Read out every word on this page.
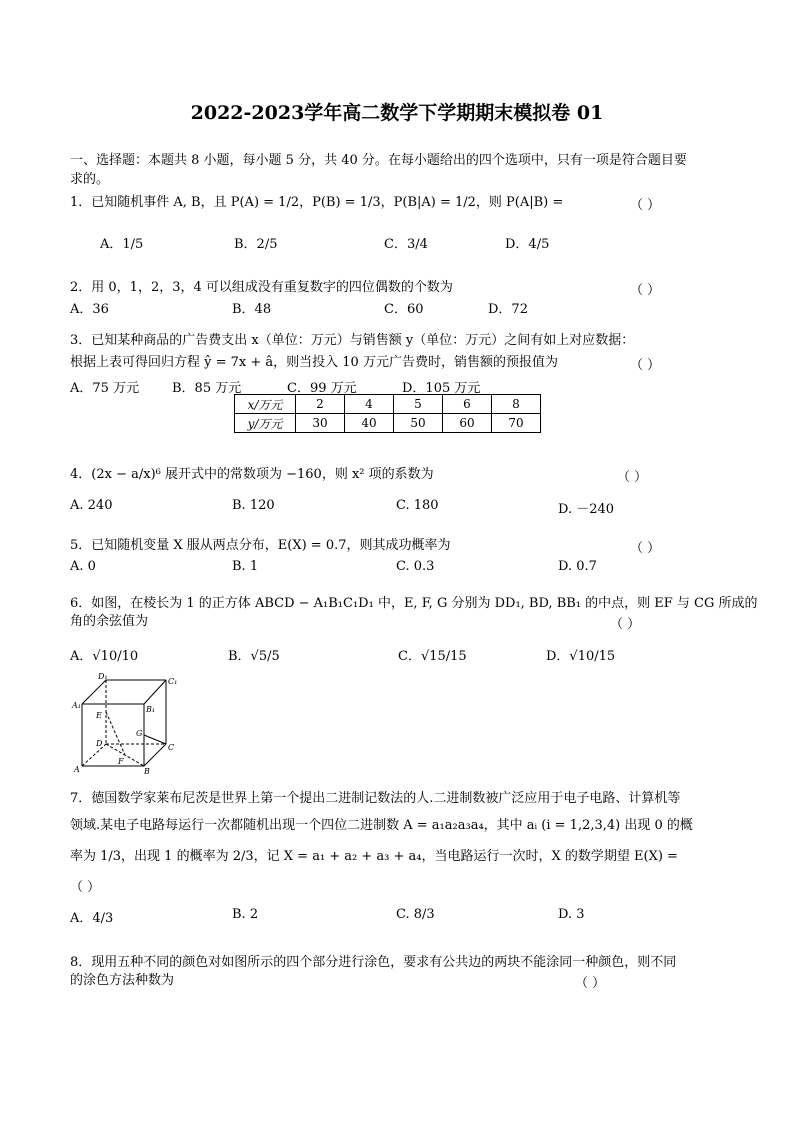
2022-2023学年高二数学下学期期末模拟卷 01
一、选择题：本题共 8 小题，每小题 5 分，共 40 分。在每小题给出的四个选项中，只有一项是符合题目要
求的。
1．已知随机事件 A, B，且 P(A) = 1/2，P(B) = 1/3，P(B|A) = 1/2，则 P(A|B) =	（ ）
A．1/5	B．2/5	C．3/4	D．4/5
2．用 0，1，2，3，4 可以组成没有重复数字的四位偶数的个数为	（ ）
A．36	B．48	C．60	D．72
3．已知某种商品的广告费支出 x（单位：万元）与销售额 y（单位：万元）之间有如上对应数据：
根据上表可得回归方程 ŷ = 7x + â，则当投入 10 万元广告费时，销售额的预报值为	（ ）
A．75 万元	B．85 万元	C．99 万元	D．105 万元
x/万元	2	4	5	6	8
y/万元	30	40	50	60	70
4．(2x − a/x)⁶ 展开式中的常数项为 −160，则 x² 项的系数为	（ ）
A. 240	B. 120	C. 180	D. －240
5．已知随机变量 X 服从两点分布，E(X) = 0.7，则其成功概率为	（ ）
A. 0	B. 1	C. 0.3	D. 0.7
6．如图，在棱长为 1 的正方体 ABCD − A₁B₁C₁D₁ 中，E, F, G 分别为 DD₁, BD, BB₁ 的中点，则 EF 与 CG 所成的
角的余弦值为	（ ）
A．√10/10	B．√5/5	C．√15/15	D．√10/15
D₁
C₁
A₁	B₁
E
G
D	C
F
A	B
7．德国数学家莱布尼茨是世界上第一个提出二进制记数法的人.二进制数被广泛应用于电子电路、计算机等
领域.某电子电路每运行一次都随机出现一个四位二进制数 A = a₁a₂a₃a₄，其中 aᵢ (i = 1,2,3,4) 出现 0 的概
率为 1/3，出现 1 的概率为 2/3，记 X = a₁ + a₂ + a₃ + a₄，当电路运行一次时，X 的数学期望 E(X) =
（ ）
A．4/3	B. 2	C. 8/3	D. 3
8．现用五种不同的颜色对如图所示的四个部分进行涂色，要求有公共边的两块不能涂同一种颜色，则不同
的涂色方法种数为	（ ）
